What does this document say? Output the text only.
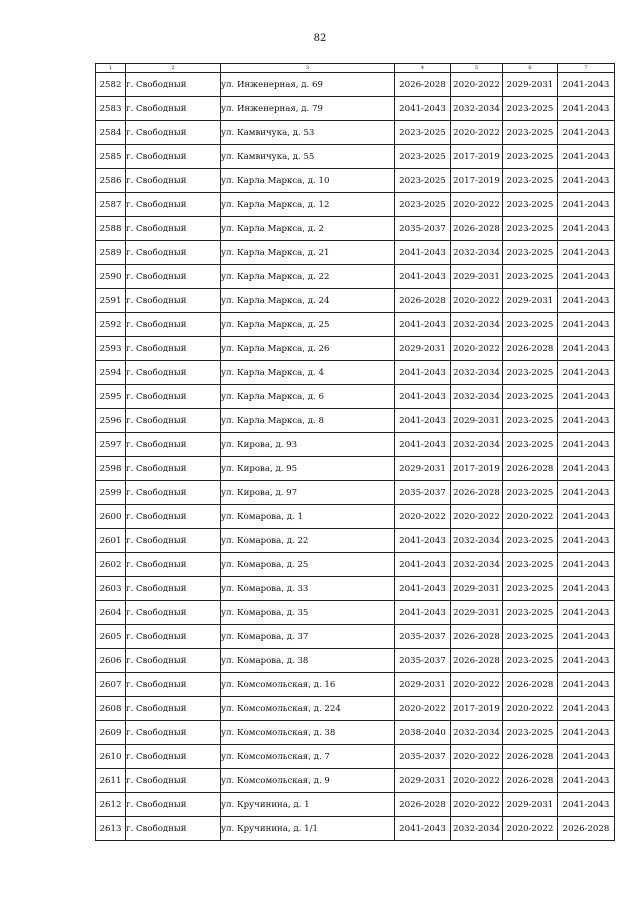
82
1	2	3	4	5	6	7
2582	г. Свободный	ул. Инженерная, д. 69	2026-2028	2020-2022	2029-2031	2041-2043
2583	г. Свободный	ул. Инженерная, д. 79	2041-2043	2032-2034	2023-2025	2041-2043
2584	г. Свободный	ул. Камвичука, д. 53	2023-2025	2020-2022	2023-2025	2041-2043
2585	г. Свободный	ул. Камвичука, д. 55	2023-2025	2017-2019	2023-2025	2041-2043
2586	г. Свободный	ул. Карла Маркса, д. 10	2023-2025	2017-2019	2023-2025	2041-2043
2587	г. Свободный	ул. Карла Маркса, д. 12	2023-2025	2020-2022	2023-2025	2041-2043
2588	г. Свободный	ул. Карла Маркса, д. 2	2035-2037	2026-2028	2023-2025	2041-2043
2589	г. Свободный	ул. Карла Маркса, д. 21	2041-2043	2032-2034	2023-2025	2041-2043
2590	г. Свободный	ул. Карла Маркса, д. 22	2041-2043	2029-2031	2023-2025	2041-2043
2591	г. Свободный	ул. Карла Маркса, д. 24	2026-2028	2020-2022	2029-2031	2041-2043
2592	г. Свободный	ул. Карла Маркса, д. 25	2041-2043	2032-2034	2023-2025	2041-2043
2593	г. Свободный	ул. Карла Маркса, д. 26	2029-2031	2020-2022	2026-2028	2041-2043
2594	г. Свободный	ул. Карла Маркса, д. 4	2041-2043	2032-2034	2023-2025	2041-2043
2595	г. Свободный	ул. Карла Маркса, д. 6	2041-2043	2032-2034	2023-2025	2041-2043
2596	г. Свободный	ул. Карла Маркса, д. 8	2041-2043	2029-2031	2023-2025	2041-2043
2597	г. Свободный	ул. Кирова, д. 93	2041-2043	2032-2034	2023-2025	2041-2043
2598	г. Свободный	ул. Кирова, д. 95	2029-2031	2017-2019	2026-2028	2041-2043
2599	г. Свободный	ул. Кирова, д. 97	2035-2037	2026-2028	2023-2025	2041-2043
2600	г. Свободный	ул. Комарова, д. 1	2020-2022	2020-2022	2020-2022	2041-2043
2601	г. Свободный	ул. Комарова, д. 22	2041-2043	2032-2034	2023-2025	2041-2043
2602	г. Свободный	ул. Комарова, д. 25	2041-2043	2032-2034	2023-2025	2041-2043
2603	г. Свободный	ул. Комарова, д. 33	2041-2043	2029-2031	2023-2025	2041-2043
2604	г. Свободный	ул. Комарова, д. 35	2041-2043	2029-2031	2023-2025	2041-2043
2605	г. Свободный	ул. Комарова, д. 37	2035-2037	2026-2028	2023-2025	2041-2043
2606	г. Свободный	ул. Комарова, д. 38	2035-2037	2026-2028	2023-2025	2041-2043
2607	г. Свободный	ул. Комсомольская, д. 16	2029-2031	2020-2022	2026-2028	2041-2043
2608	г. Свободный	ул. Комсомольская, д. 224	2020-2022	2017-2019	2020-2022	2041-2043
2609	г. Свободный	ул. Комсомольская, д. 38	2038-2040	2032-2034	2023-2025	2041-2043
2610	г. Свободный	ул. Комсомольская, д. 7	2035-2037	2020-2022	2026-2028	2041-2043
2611	г. Свободный	ул. Комсомольская, д. 9	2029-2031	2020-2022	2026-2028	2041-2043
2612	г. Свободный	ул. Кручинина, д. 1	2026-2028	2020-2022	2029-2031	2041-2043
2613	г. Свободный	ул. Кручинина, д. 1/1	2041-2043	2032-2034	2020-2022	2026-2028
